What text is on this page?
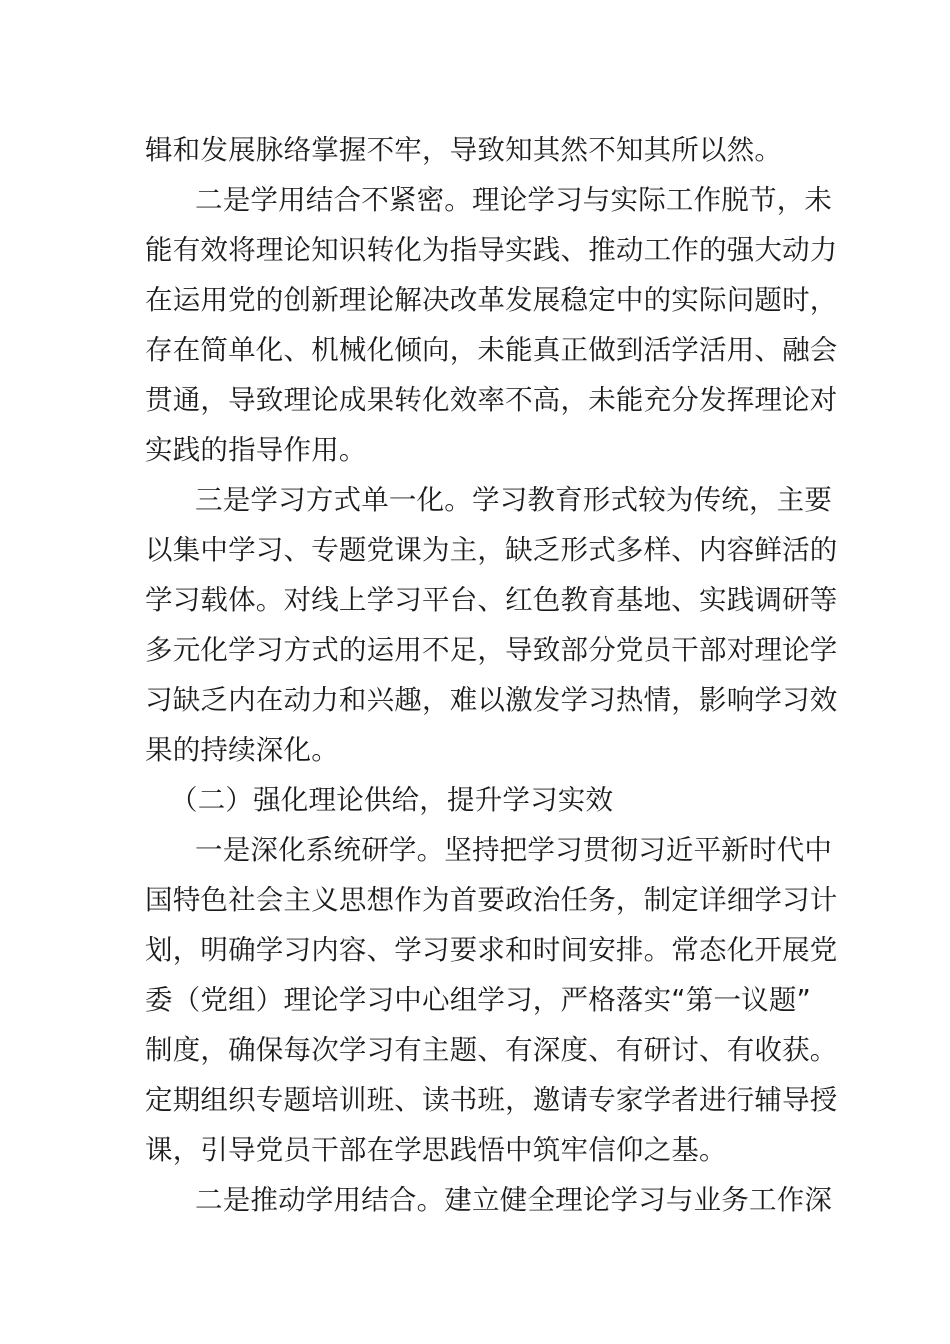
辑和发展脉络掌握不牢，导致知其然不知其所以然。
二是学用结合不紧密。理论学习与实际工作脱节，未
能有效将理论知识转化为指导实践、推动工作的强大动力
在运用党的创新理论解决改革发展稳定中的实际问题时，
存在简单化、机械化倾向，未能真正做到活学活用、融会
贯通，导致理论成果转化效率不高，未能充分发挥理论对
实践的指导作用。
三是学习方式单一化。学习教育形式较为传统，主要
以集中学习、专题党课为主，缺乏形式多样、内容鲜活的
学习载体。对线上学习平台、红色教育基地、实践调研等
多元化学习方式的运用不足，导致部分党员干部对理论学
习缺乏内在动力和兴趣，难以激发学习热情，影响学习效
果的持续深化。
（二）强化理论供给，提升学习实效
一是深化系统研学。坚持把学习贯彻习近平新时代中
国特色社会主义思想作为首要政治任务，制定详细学习计
划，明确学习内容、学习要求和时间安排。常态化开展党
委（党组）理论学习中心组学习，严格落实“第一议题”
制度，确保每次学习有主题、有深度、有研讨、有收获。
定期组织专题培训班、读书班，邀请专家学者进行辅导授
课，引导党员干部在学思践悟中筑牢信仰之基。
二是推动学用结合。建立健全理论学习与业务工作深
